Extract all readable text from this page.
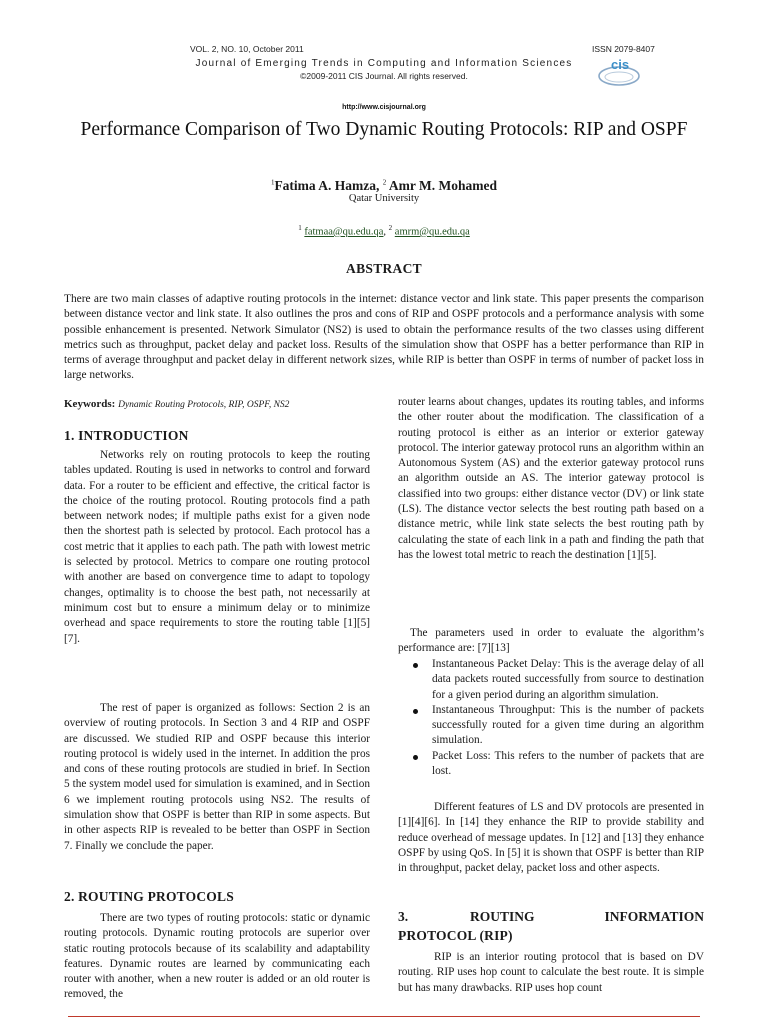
VOL. 2, NO. 10, October 2011	ISSN 2079-8407
Journal of Emerging Trends in Computing and Information Sciences
©2009-2011 CIS Journal. All rights reserved.
http://www.cisjournal.org
cis
Performance Comparison of Two Dynamic Routing Protocols: RIP and OSPF
$^1$Fatima A. Hamza, $^2$ Amr M. Mohamed
Qatar University
$^1$ fatmaa@qu.edu.qa, $^2$ amrm@qu.edu.qa
ABSTRACT
There are two main classes of adaptive routing protocols in the internet: distance vector and link state. This paper presents the comparison between distance vector and link state. It also outlines the pros and cons of RIP and OSPF protocols and a performance analysis with some possible enhancement is presented. Network Simulator (NS2) is used to obtain the performance results of the two classes using different metrics such as throughput, packet delay and packet loss. Results of the simulation show that OSPF has a better performance than RIP in terms of average throughput and packet delay in different network sizes, while RIP is better than OSPF in terms of number of packet loss in large networks.
Keywords: Dynamic Routing Protocols, RIP, OSPF, NS2
1. INTRODUCTION
Networks rely on routing protocols to keep the routing tables updated. Routing is used in networks to control and forward data. For a router to be efficient and effective, the critical factor is the choice of the routing protocol. Routing protocols find a path between network nodes; if multiple paths exist for a given node then the shortest path is selected by protocol. Each protocol has a cost metric that it applies to each path. The path with lowest metric is selected by protocol. Metrics to compare one routing protocol with another are based on convergence time to adapt to topology changes, optimality is to choose the best path, not necessarily at minimum cost but to ensure a minimum delay or to minimize overhead and space requirements to store the routing table [1][5][7].
The rest of paper is organized as follows: Section 2 is an overview of routing protocols. In Section 3 and 4 RIP and OSPF are discussed. We studied RIP and OSPF because this interior routing protocol is widely used in the internet. In addition the pros and cons of these routing protocols are studied in brief. In Section 5 the system model used for simulation is examined, and in Section 6 we implement routing protocols using NS2. The results of simulation show that OSPF is better than RIP in some aspects. But in other aspects RIP is revealed to be better than OSPF in Section 7. Finally we conclude the paper.
2. ROUTING PROTOCOLS
There are two types of routing protocols: static or dynamic routing protocols. Dynamic routing protocols are superior over static routing protocols because of its scalability and adaptability features. Dynamic routes are learned by communicating each router with another, when a new router is added or an old router is removed, the
router learns about changes, updates its routing tables, and informs the other router about the modification. The classification of a routing protocol is either as an interior or exterior gateway protocol. The interior gateway protocol runs an algorithm within an Autonomous System (AS) and the exterior gateway protocol runs an algorithm outside an AS. The interior gateway protocol is classified into two groups: either distance vector (DV) or link state (LS). The distance vector selects the best routing path based on a distance metric, while link state selects the best routing path by calculating the state of each link in a path and finding the path that has the lowest total metric to reach the destination [1][5].
The parameters used in order to evaluate the algorithm’s performance are: [7][13]
Instantaneous Packet Delay: This is the average delay of all data packets routed successfully from source to destination for a given period during an algorithm simulation.
Instantaneous Throughput: This is the number of packets successfully routed for a given time during an algorithm simulation.
Packet Loss: This refers to the number of packets that are lost.
Different features of LS and DV protocols are presented in [1][4][6]. In [14] they enhance the RIP to provide stability and reduce overhead of message updates. In [12] and [13] they enhance OSPF by using QoS. In [5] it is shown that OSPF is better than RIP in throughput, packet delay, packet loss and other aspects.
3.	ROUTING	INFORMATION
PROTOCOL (RIP)
RIP is an interior routing protocol that is based on DV routing. RIP uses hop count to calculate the best route. It is simple but has many drawbacks. RIP uses hop count
